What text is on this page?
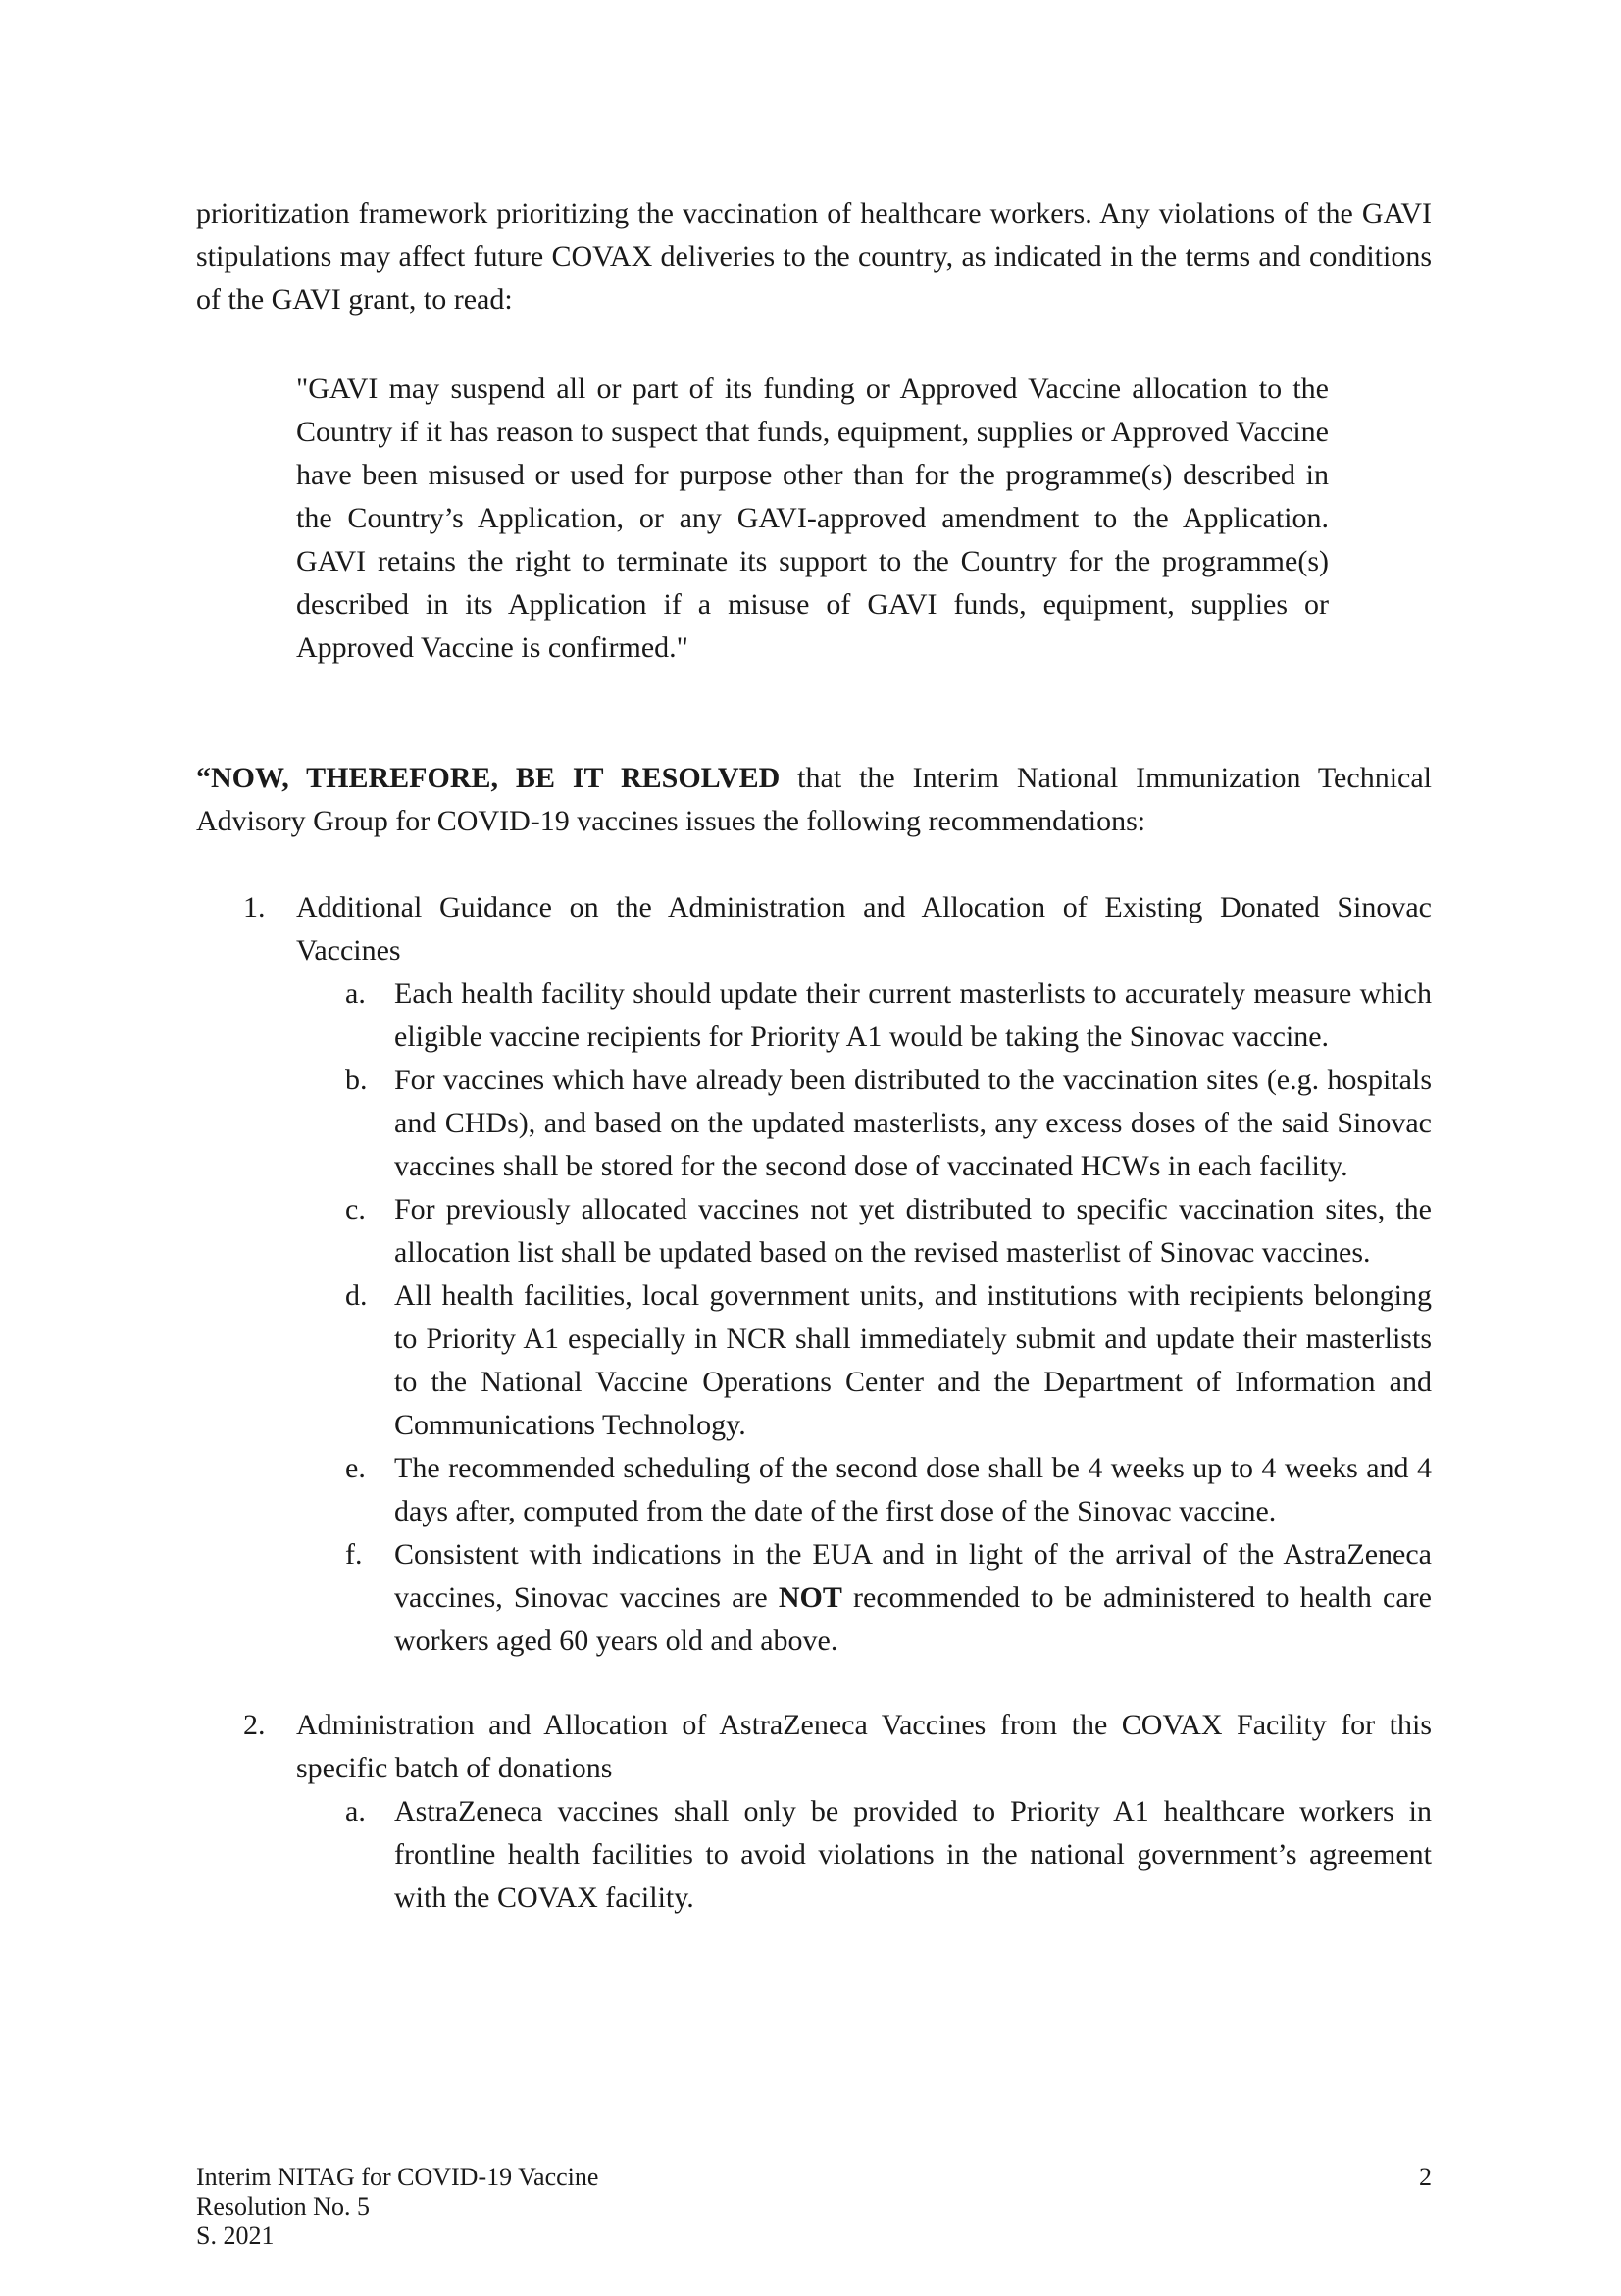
prioritization framework prioritizing the vaccination of healthcare workers. Any violations of the GAVI stipulations may affect future COVAX deliveries to the country, as indicated in the terms and conditions of the GAVI grant, to read:
"GAVI may suspend all or part of its funding or Approved Vaccine allocation to the Country if it has reason to suspect that funds, equipment, supplies or Approved Vaccine have been misused or used for purpose other than for the programme(s) described in the Country’s Application, or any GAVI-approved amendment to the Application. GAVI retains the right to terminate its support to the Country for the programme(s) described in its Application if a misuse of GAVI funds, equipment, supplies or Approved Vaccine is confirmed."
“NOW, THEREFORE, BE IT RESOLVED that the Interim National Immunization Technical Advisory Group for COVID-19 vaccines issues the following recommendations:
1. Additional Guidance on the Administration and Allocation of Existing Donated Sinovac Vaccines
a. Each health facility should update their current masterlists to accurately measure which eligible vaccine recipients for Priority A1 would be taking the Sinovac vaccine.
b. For vaccines which have already been distributed to the vaccination sites (e.g. hospitals and CHDs), and based on the updated masterlists, any excess doses of the said Sinovac vaccines shall be stored for the second dose of vaccinated HCWs in each facility.
c. For previously allocated vaccines not yet distributed to specific vaccination sites, the allocation list shall be updated based on the revised masterlist of Sinovac vaccines.
d. All health facilities, local government units, and institutions with recipients belonging to Priority A1 especially in NCR shall immediately submit and update their masterlists to the National Vaccine Operations Center and the Department of Information and Communications Technology.
e. The recommended scheduling of the second dose shall be 4 weeks up to 4 weeks and 4 days after, computed from the date of the first dose of the Sinovac vaccine.
f. Consistent with indications in the EUA and in light of the arrival of the AstraZeneca vaccines, Sinovac vaccines are NOT recommended to be administered to health care workers aged 60 years old and above.
2. Administration and Allocation of AstraZeneca Vaccines from the COVAX Facility for this specific batch of donations
a. AstraZeneca vaccines shall only be provided to Priority A1 healthcare workers in frontline health facilities to avoid violations in the national government’s agreement with the COVAX facility.
Interim NITAG for COVID-19 Vaccine
Resolution No. 5
S. 2021
2
